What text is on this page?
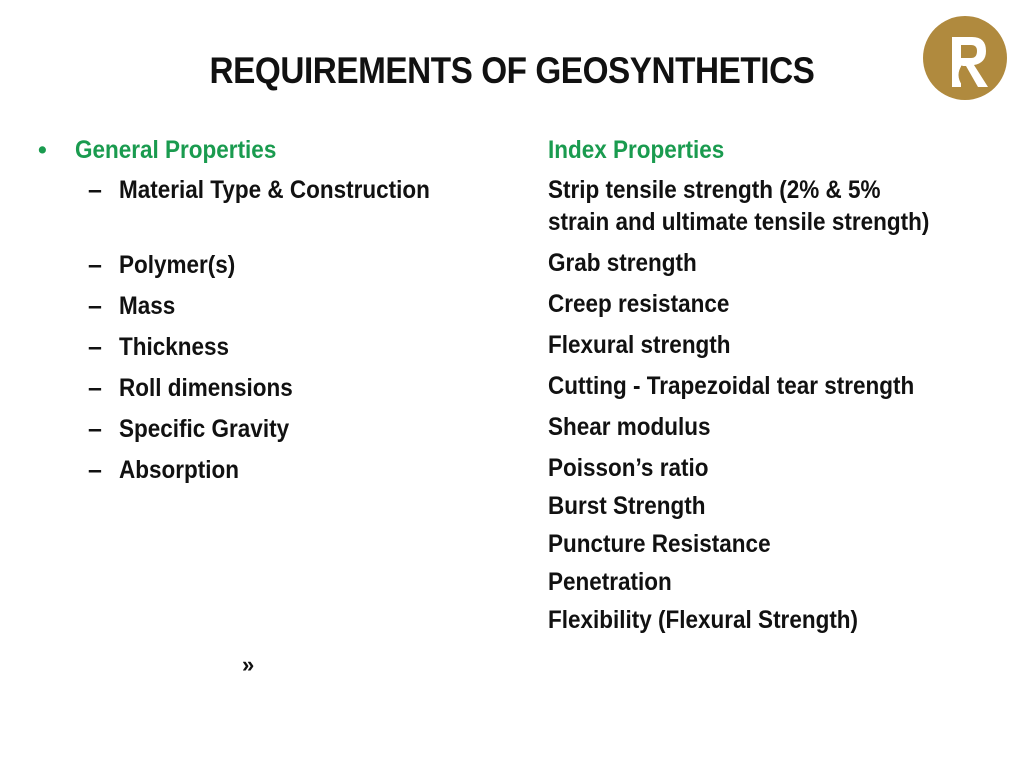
REQUIREMENTS OF GEOSYNTHETICS
• General Properties
– Material Type & Construction
– Polymer(s)
– Mass
– Thickness
– Roll dimensions
– Specific Gravity
– Absorption
Index Properties
Strip tensile strength (2% & 5%
strain and ultimate tensile strength)
Grab strength
Creep resistance
Flexural strength
Cutting - Trapezoidal tear strength
Shear modulus
Poisson’s ratio
Burst Strength
Puncture Resistance
Penetration
Flexibility (Flexural Strength)
»
